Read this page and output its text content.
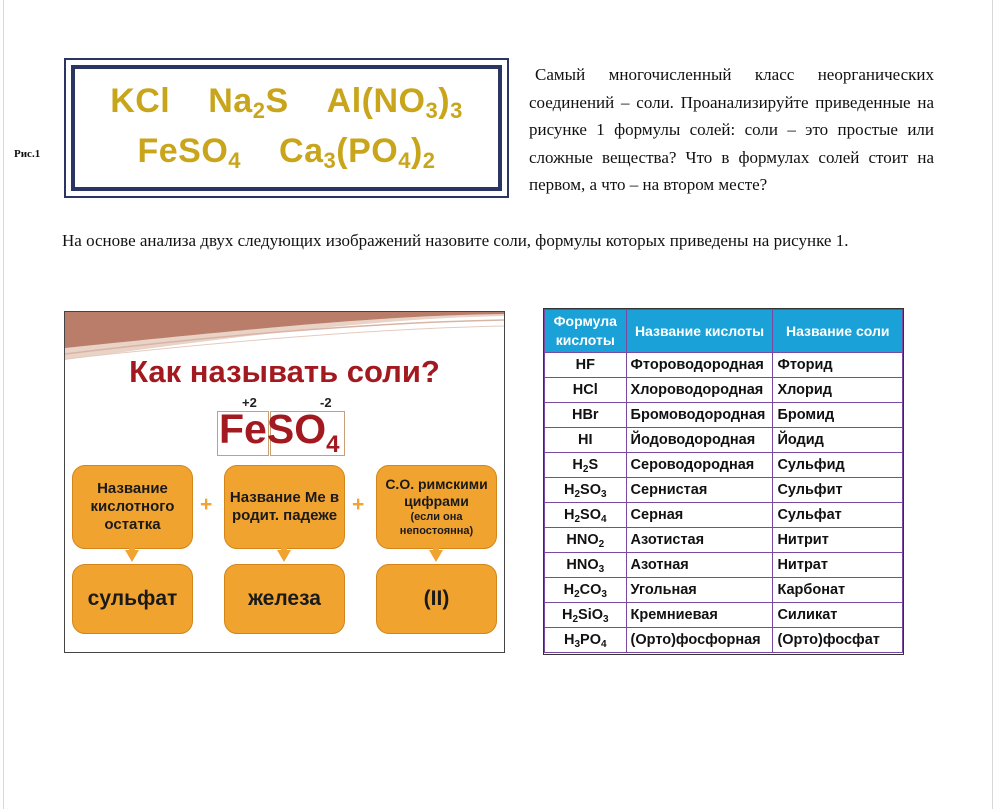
Рис.1
KCl $Na_2S$ $Al(NO_3)_3$
FeSO$_4$ $Ca_3(PO_4)_2$
Самый многочисленный класс неорганических соединений – соли. Проанализируйте приведенные на рисунке 1 формулы солей: соли – это простые или сложные вещества? Что в формулах солей стоит на первом, а что – на втором месте?
На основе анализа двух следующих изображений назовите соли, формулы которых приведены на рисунке 1.
Как называть соли?
+2	-2
FeSO$_4$
Название кислотного остатка
+	Название Ме в родит. падеже +
С.О. римскими цифрами
(если она непостоянна)
сульфат	железа	(II)
Формула кислоты	Название кислоты	Название соли
HF	Фтороводородная	Фторид
HCl	Хлороводородная	Хлорид
HBr	Бромоводородная	Бромид
HI	Йодоводородная	Йодид
$H_2S$	Сероводородная	Сульфид
$H_2SO_3$	Сернистая	Сульфит
$H_2SO_4$	Серная	Сульфат
$HNO_2$	Азотистая	Нитрит
$HNO_3$	Азотная	Нитрат
$H_2CO_3$	Угольная	Карбонат
$H_2SiO_3$	Кремниевая	Силикат
$H_3PO_4$	(Орто)фосфорная	(Орто)фосфат
